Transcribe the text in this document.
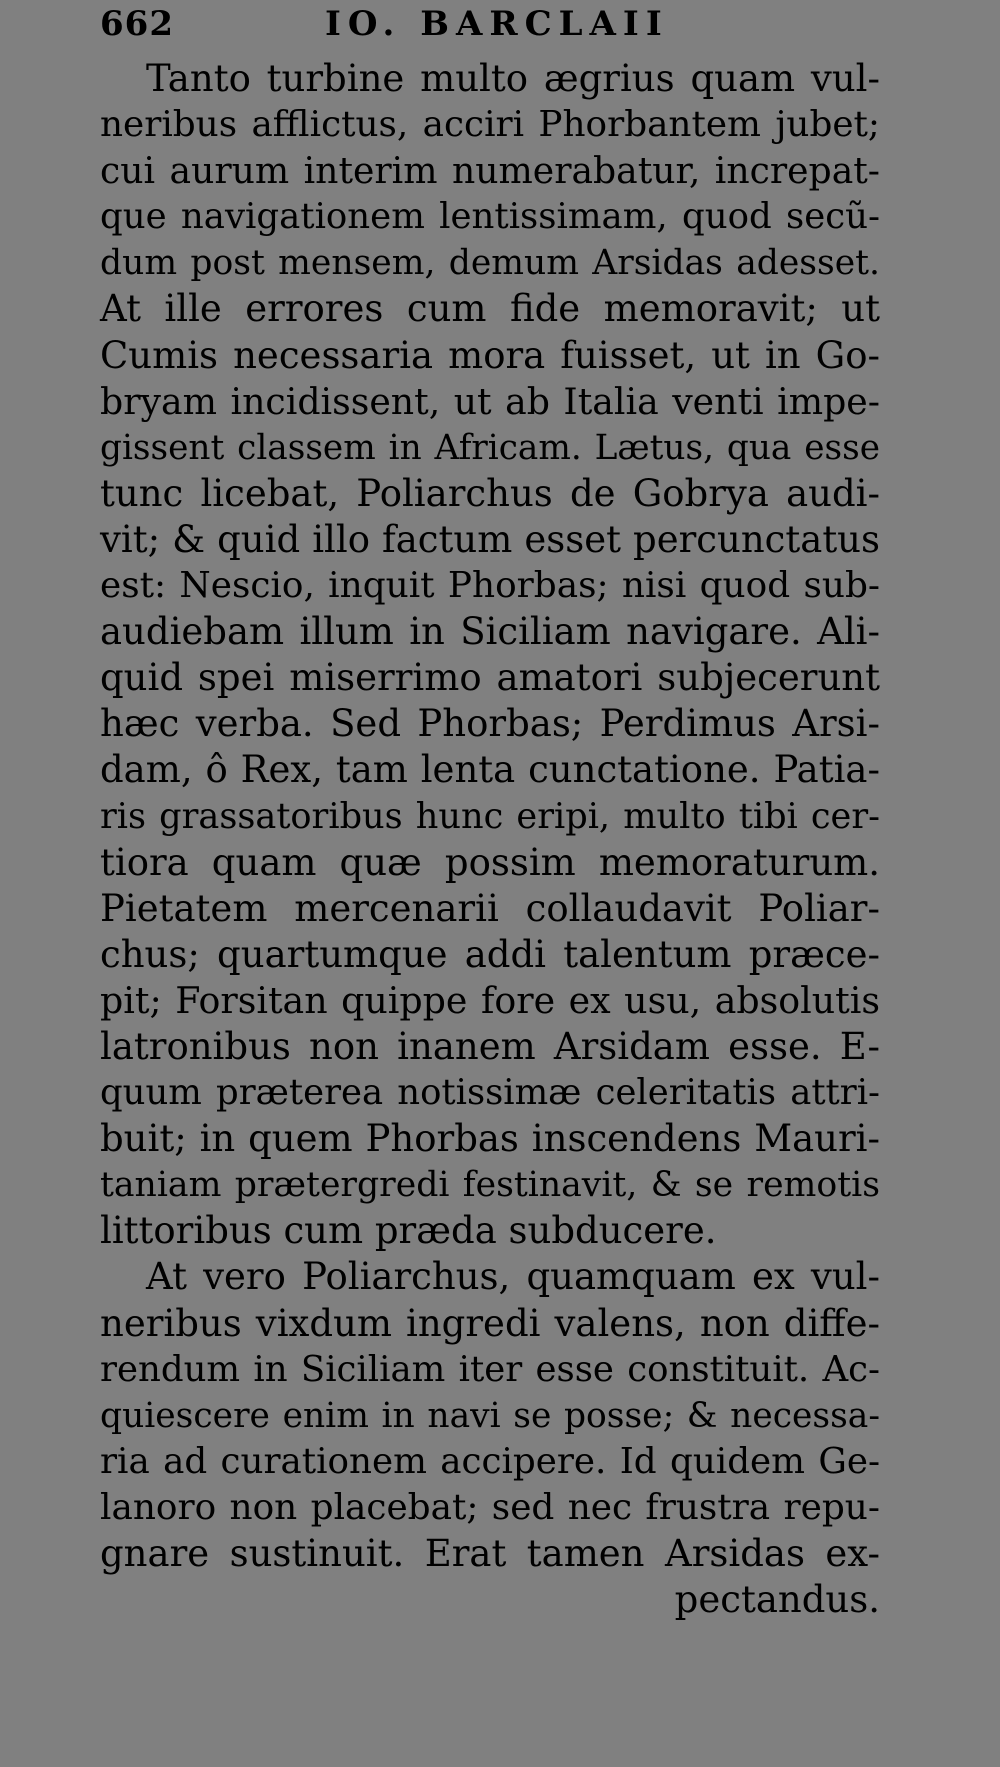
662	IO. BARCLAII
Tanto turbine multo ægrius quam vul-
neribus afflictus, acciri Phorbantem jubet;
cui aurum interim numerabatur, increpat-
que navigationem lentissimam, quod secũ-
dum post mensem, demum Arsidas adesset.
At ille errores cum fide memoravit; ut
Cumis necessaria mora fuisset, ut in Go-
bryam incidissent, ut ab Italia venti impe-
gissent classem in Africam. Lætus, qua esse
tunc licebat, Poliarchus de Gobrya audi-
vit; & quid illo factum esset percunctatus
est: Nescio, inquit Phorbas; nisi quod sub-
audiebam illum in Siciliam navigare. Ali-
quid spei miserrimo amatori subjecerunt
hæc verba. Sed Phorbas; Perdimus Arsi-
dam, ô Rex, tam lenta cunctatione. Patia-
ris grassatoribus hunc eripi, multo tibi cer-
tiora quam quæ possim memoraturum.
Pietatem mercenarii collaudavit Poliar-
chus; quartumque addi talentum præce-
pit; Forsitan quippe fore ex usu, absolutis
latronibus non inanem Arsidam esse. E-
quum præterea notissimæ celeritatis attri-
buit; in quem Phorbas inscendens Mauri-
taniam prætergredi festinavit, & se remotis
littoribus cum præda subducere.
At vero Poliarchus, quamquam ex vul-
neribus vixdum ingredi valens, non diffe-
rendum in Siciliam iter esse constituit. Ac-
quiescere enim in navi se posse; & necessa-
ria ad curationem accipere. Id quidem Ge-
lanoro non placebat; sed nec frustra repu-
gnare sustinuit. Erat tamen Arsidas ex-
pectandus.
